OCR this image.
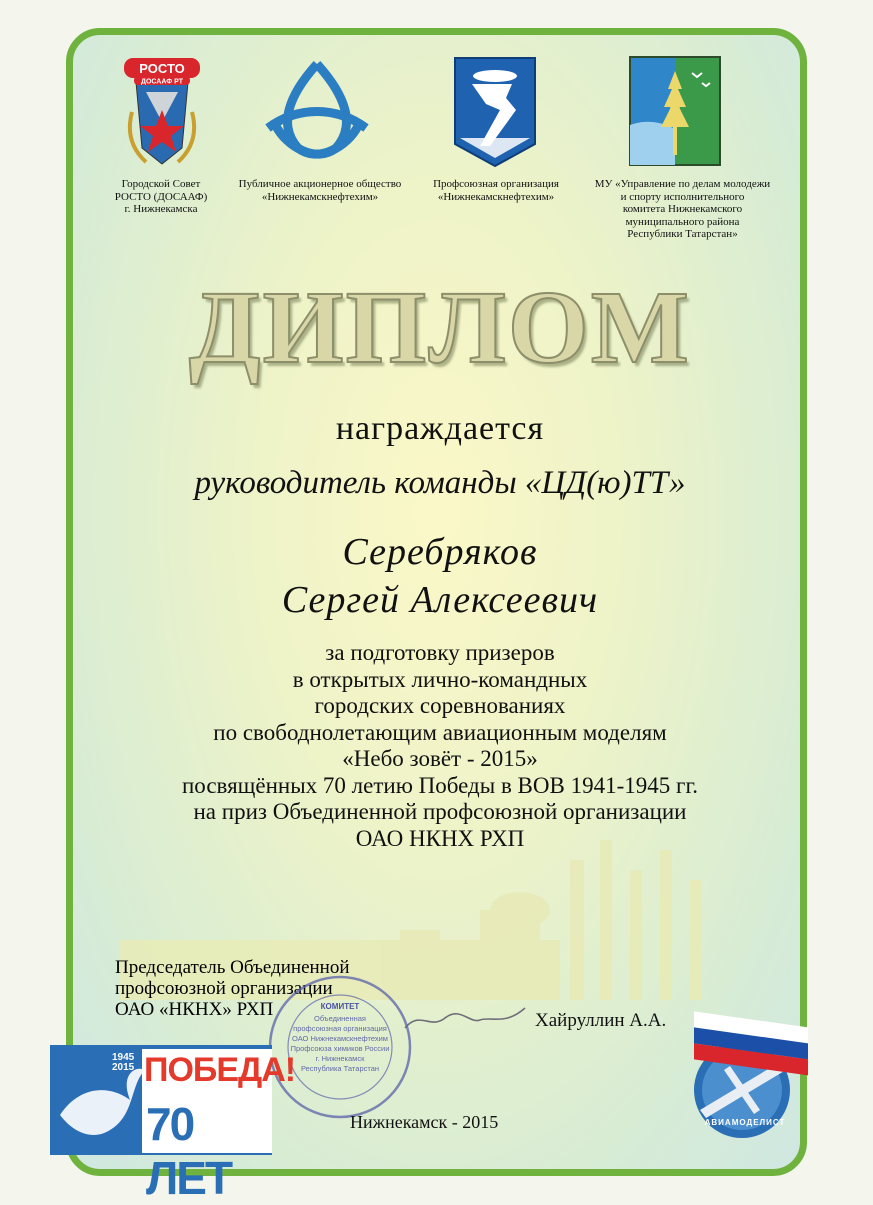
РОСТО
ДОСААФ РТ
Городской Совет
РОСТО (ДОСААФ)
г. Нижнекамска
Публичное акционерное общество
«Нижнекамскнефтехим»
Профсоюзная организация
«Нижнекамскнефтехим»
МУ «Управление по делам молодежи
и спорту исполнительного
комитета Нижнекамского
муниципального района
Республики Татарстан»
ДИПЛОМ
награждается
руководитель команды «ЦД(ю)ТТ»
Серебряков
Сергей Алексеевич
за подготовку призеров
в открытых лично-командных
городских соревнованиях
по свободнолетающим авиационным моделям
«Небо зовёт - 2015»
посвящённых 70 летию Победы в ВОВ 1941-1945 гг.
на приз Объединенной профсоюзной организации
ОАО НКНХ РХП
Председатель Объединенной
профсоюзной организации
ОАО «НКНХ» РХП
Хайруллин А.А.
КОМИТЕТ
Объединенная
профсоюзная организация
ОАО Нижнекамскнефтехим
Профсоюза химиков России
г. Нижнекамск
Республика Татарстан
1945
2015 ПОБЕДА!
70 ЛЕТ
Нижнекамск - 2015	АВИАМОДЕЛИСТ
